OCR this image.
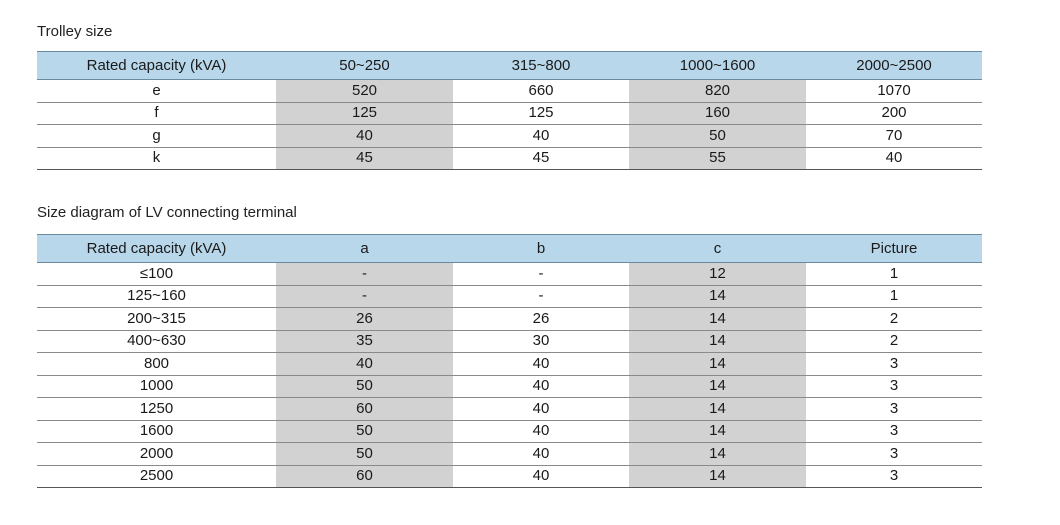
Trolley size
Rated capacity (kVA)	50~250	315~800	1000~1600	2000~2500
e	520	660	820	1070
f	125	125	160	200
g	40	40	50	70
k	45	45	55	40
Size diagram of LV connecting terminal
Rated capacity (kVA)	a	b	c	Picture
≤100	-	-	12	1
125~160	-	-	14	1
200~315	26	26	14	2
400~630	35	30	14	2
800	40	40	14	3
1000	50	40	14	3
1250	60	40	14	3
1600	50	40	14	3
2000	50	40	14	3
2500	60	40	14	3
